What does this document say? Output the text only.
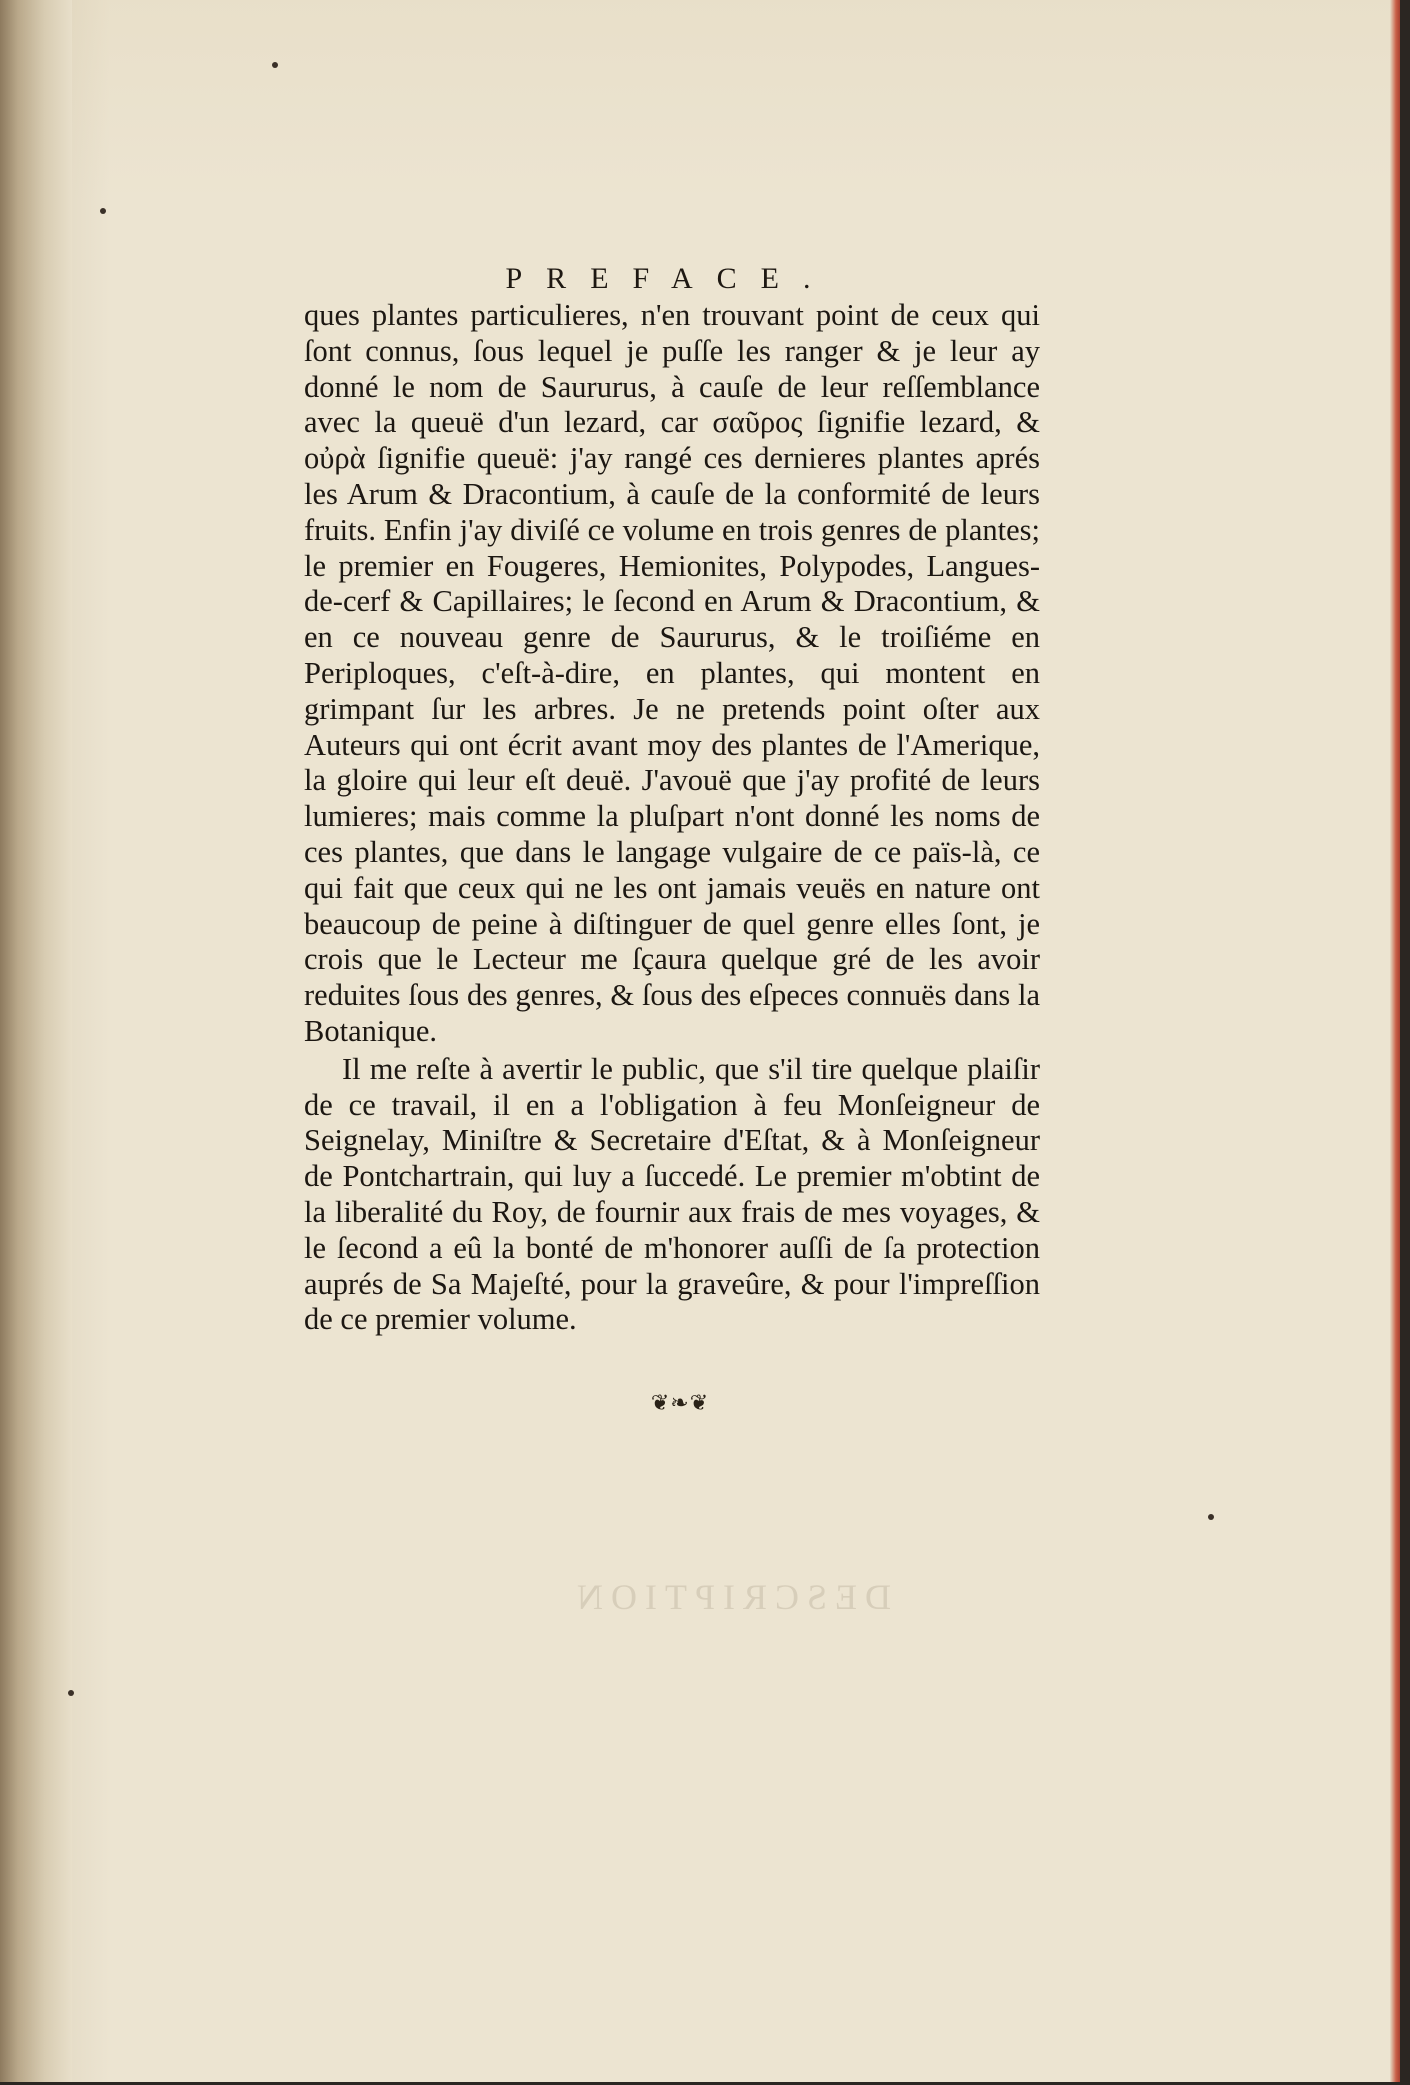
PREFACE.

ques plantes particulieres, n'en trouvant point de ceux qui ſont connus, ſous lequel je puſſe les ranger & je leur ay donné le nom de Saururus, à cauſe de leur reſſemblance avec la queuë d'un lezard, car σαῦρος ſignifie lezard, & οὐρὰ ſignifie queuë: j'ay rangé ces dernieres plantes aprés les Arum & Dracontium, à cauſe de la conformité de leurs fruits. Enfin j'ay diviſé ce volume en trois genres de plantes; le premier en Fougeres, Hemionites, Polypodes, Langues-de-cerf & Capillaires; le ſecond en Arum & Dracontium, & en ce nouveau genre de Saururus, & le troiſiéme en Periploques, c'eſt-à-dire, en plantes, qui montent en grimpant ſur les arbres. Je ne pretends point oſter aux Auteurs qui ont écrit avant moy des plantes de l'Amerique, la gloire qui leur eſt deuë. J'avouë que j'ay profité de leurs lumieres; mais comme la pluſpart n'ont donné les noms de ces plantes, que dans le langage vulgaire de ce païs-là, ce qui fait que ceux qui ne les ont jamais veuës en nature ont beaucoup de peine à diſtinguer de quel genre elles ſont, je crois que le Lecteur me ſçaura quelque gré de les avoir reduites ſous des genres, & ſous des eſpeces connuës dans la Botanique.

Il me reſte à avertir le public, que s'il tire quelque plaiſir de ce travail, il en a l'obligation à feu Monſeigneur de Seignelay, Miniſtre & Secretaire d'Eſtat, & à Monſeigneur de Pontchartrain, qui luy a ſuccedé. Le premier m'obtint de la liberalité du Roy, de fournir aux frais de mes voyages, & le ſecond a eû la bonté de m'honorer auſſi de ſa protection auprés de Sa Majeſté, pour la graveûre, & pour l'impreſſion de ce premier volume.

❦❧❦
DESCRIPTION
